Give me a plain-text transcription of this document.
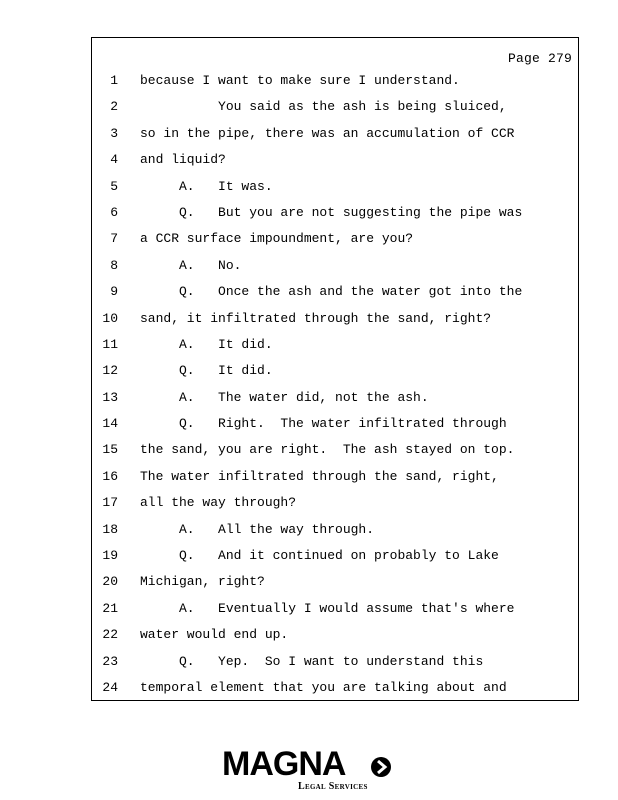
Page 279
1 because I want to make sure I understand.
2 You said as the ash is being sluiced,
3 so in the pipe, there was an accumulation of CCR
4 and liquid?
5 A.   It was.
6 Q.   But you are not suggesting the pipe was
7 a CCR surface impoundment, are you?
8 A.   No.
9 Q.   Once the ash and the water got into the
10 sand, it infiltrated through the sand, right?
11 A.   It did.
12 Q.   It did.
13 A.   The water did, not the ash.
14 Q.   Right.  The water infiltrated through
15 the sand, you are right.  The ash stayed on top.
16 The water infiltrated through the sand, right,
17 all the way through?
18 A.   All the way through.
19 Q.   And it continued on probably to Lake
20 Michigan, right?
21 A.   Eventually I would assume that's where
22 water would end up.
23 Q.   Yep.  So I want to understand this
24 temporal element that you are talking about and
MAGNA
Legal Services
